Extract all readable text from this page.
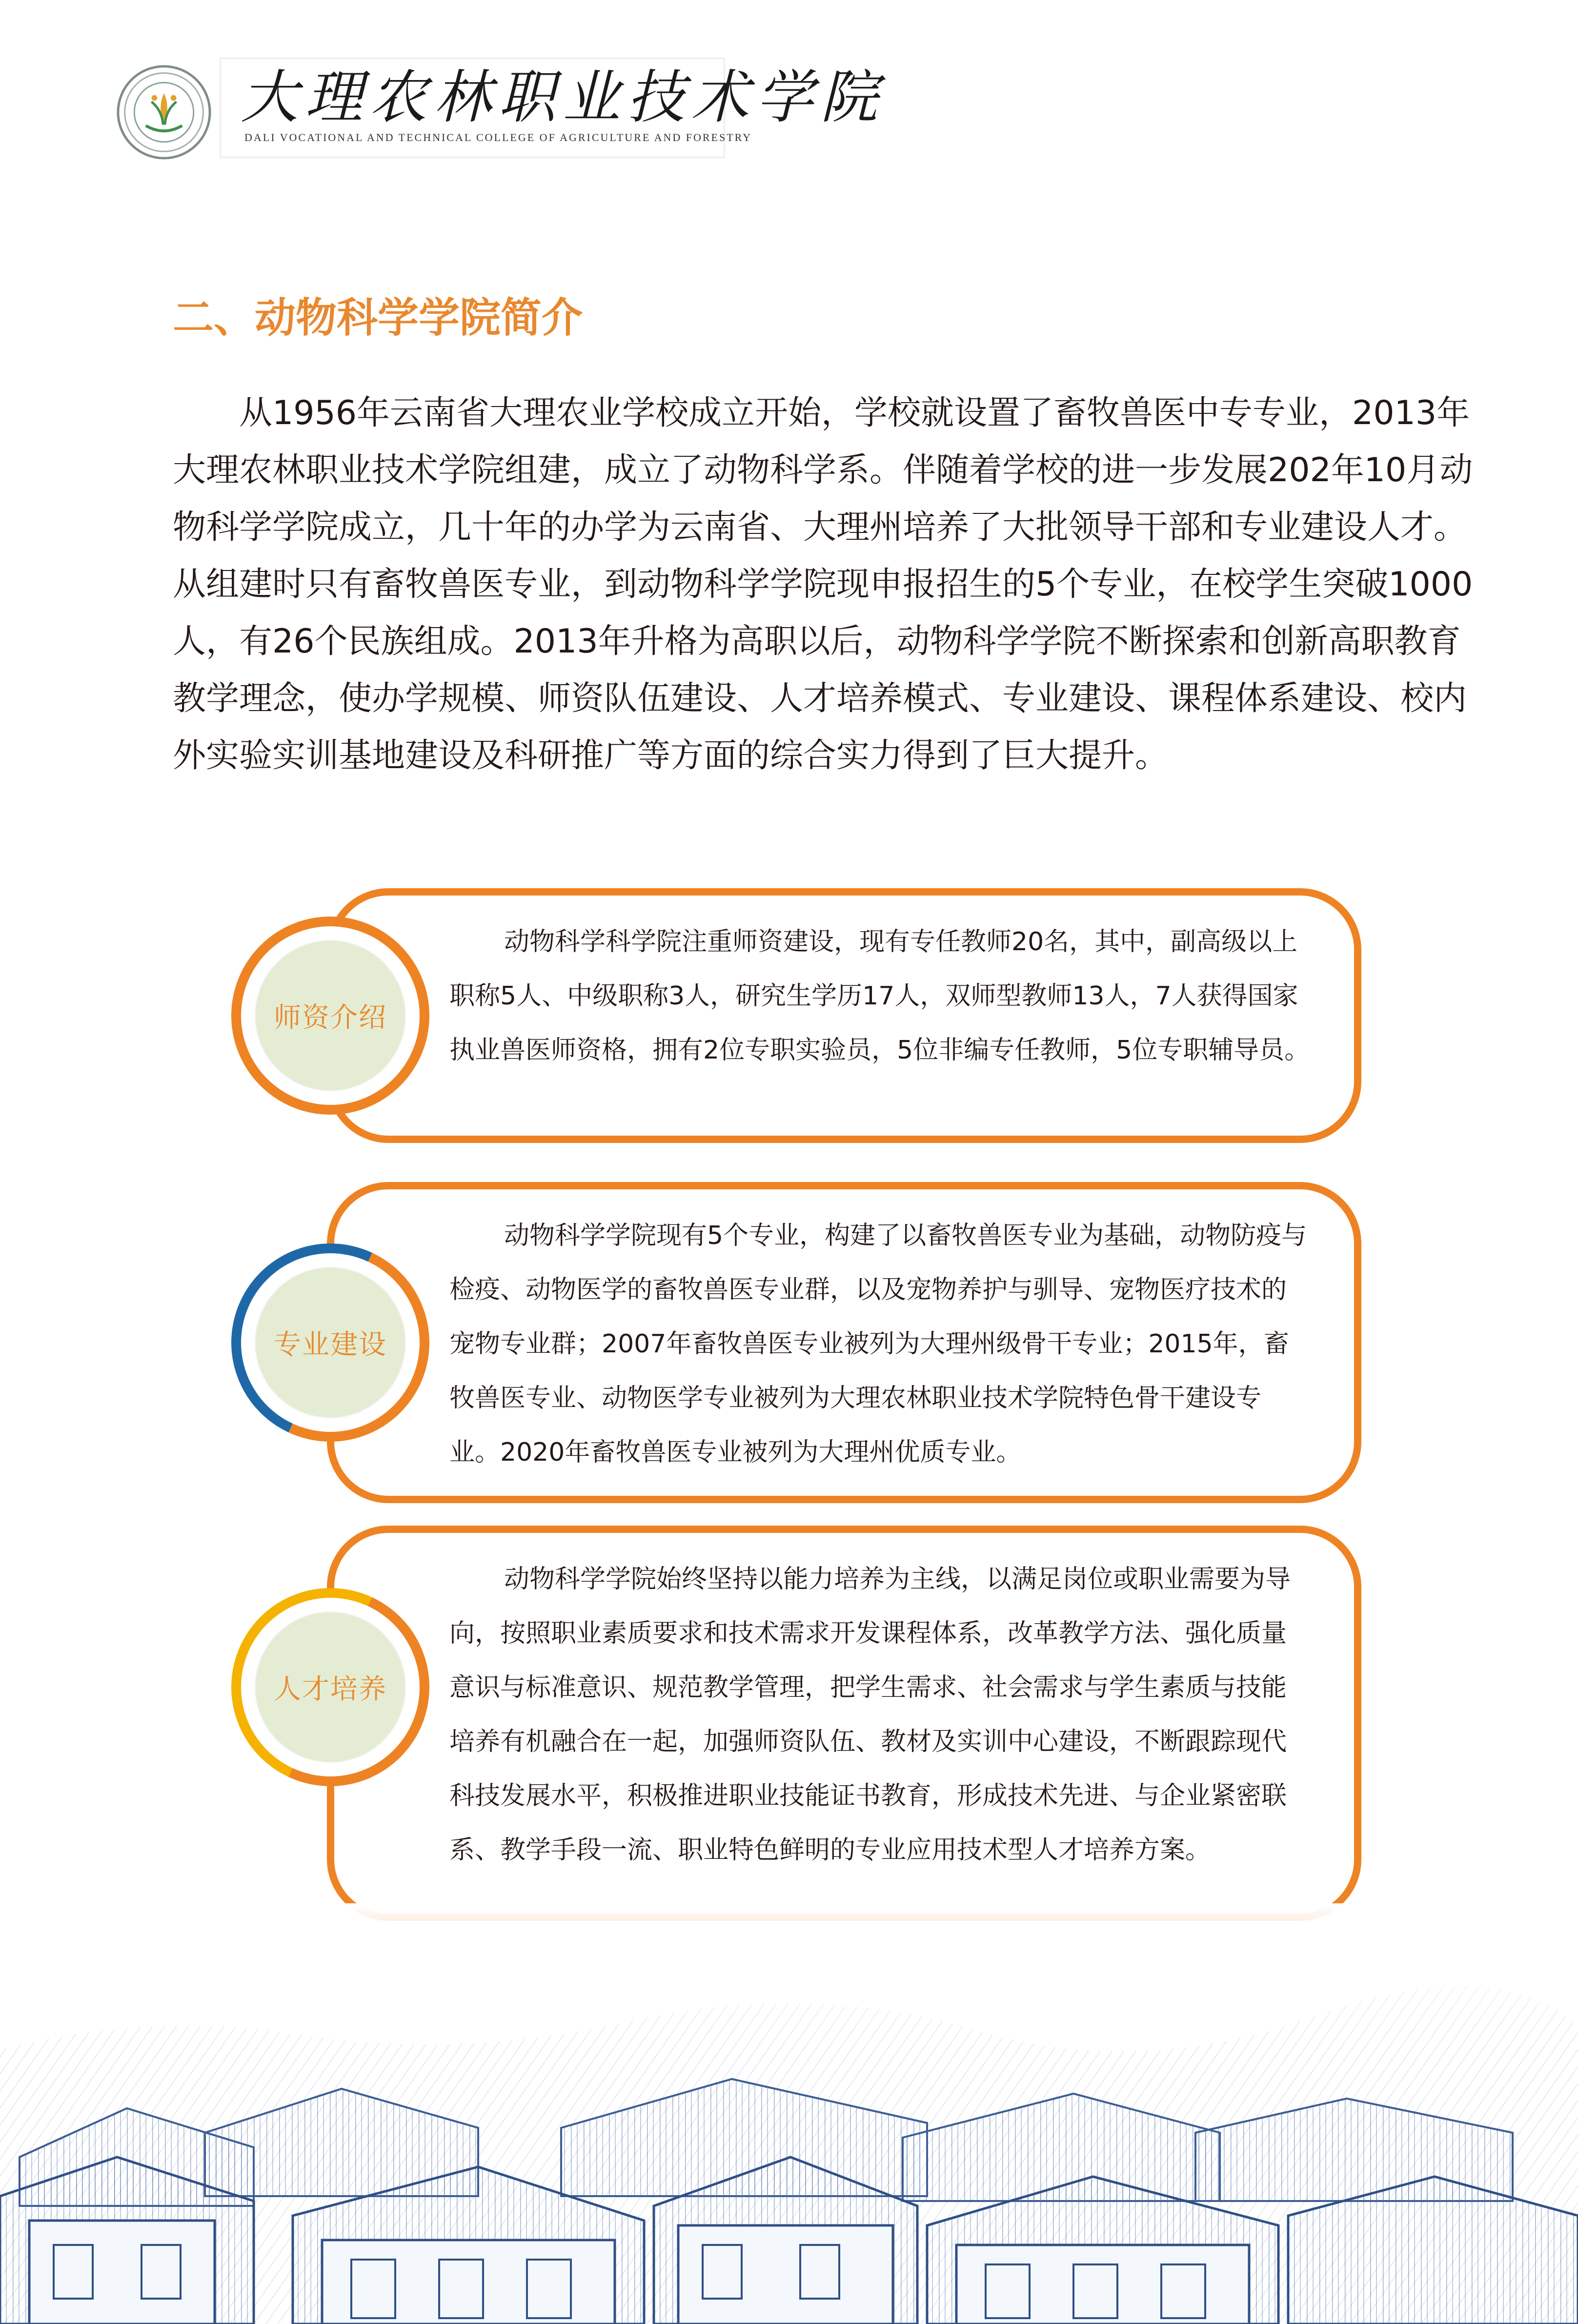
大理农林职业技术学院
DALI VOCATIONAL AND TECHNICAL COLLEGE OF AGRICULTURE AND FORESTRY
二、动物科学学院简介

从1956年云南省大理农业学校成立开始，学校就设置了畜牧兽医中专专业，2013年大理农林职业技术学院组建，成立了动物科学系。伴随着学校的进一步发展202年10月动物科学学院成立，几十年的办学为云南省、大理州培养了大批领导干部和专业建设人才。从组建时只有畜牧兽医专业，到动物科学学院现申报招生的5个专业，在校学生突破1000人，有26个民族组成。2013年升格为高职以后，动物科学学院不断探索和创新高职教育教学理念，使办学规模、师资队伍建设、人才培养模式、专业建设、课程体系建设、校内外实验实训基地建设及科研推广等方面的综合实力得到了巨大提升。

动物科学科学院注重师资建设，现有专任教师20名，其中，副高级以上职称5人、中级职称3人，研究生学历17人，双师型教师13人，7人获得国家执业兽医师资格，拥有2位专职实验员，5位非编专任教师，5位专职辅导员。

师资介绍

动物科学学院现有5个专业，构建了以畜牧兽医专业为基础，动物防疫与检疫、动物医学的畜牧兽医专业群，以及宠物养护与驯导、宠物医疗技术的宠物专业群；2007年畜牧兽医专业被列为大理州级骨干专业；2015年，畜牧兽医专业、动物医学专业被列为大理农林职业技术学院特色骨干建设专业。2020年畜牧兽医专业被列为大理州优质专业。

专业建设

动物科学学院始终坚持以能力培养为主线，以满足岗位或职业需要为导向，按照职业素质要求和技术需求开发课程体系，改革教学方法、强化质量意识与标准意识、规范教学管理，把学生需求、社会需求与学生素质与技能培养有机融合在一起，加强师资队伍、教材及实训中心建设，不断跟踪现代科技发展水平，积极推进职业技能证书教育，形成技术先进、与企业紧密联系、教学手段一流、职业特色鲜明的专业应用技术型人才培养方案。

人才培养
